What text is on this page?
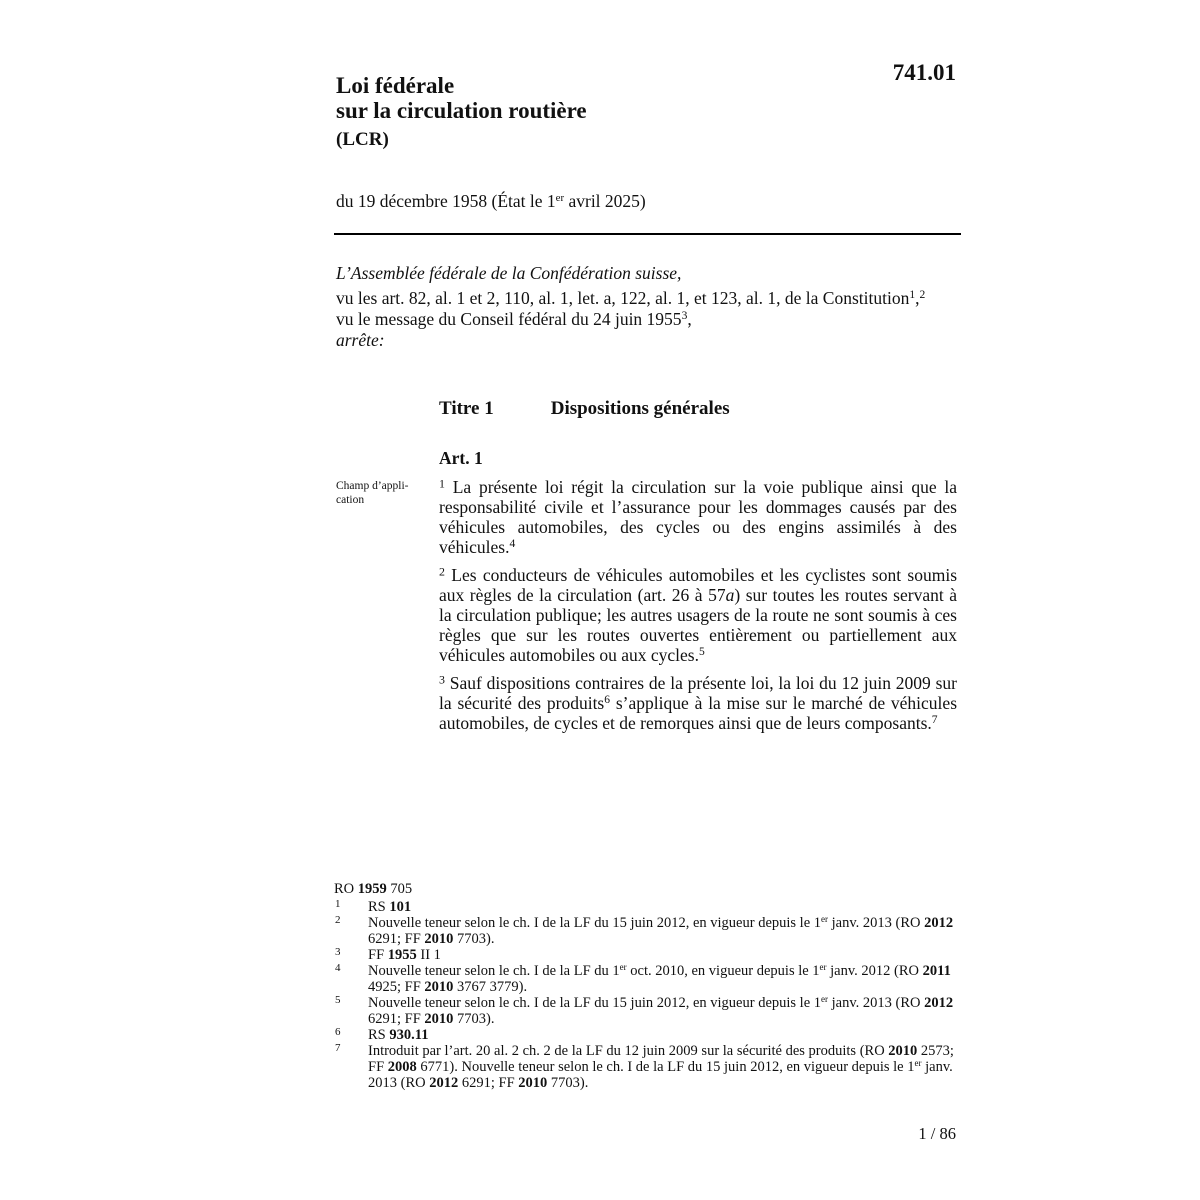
741.01
Loi fédérale
sur la circulation routière
(LCR)
du 19 décembre 1958 (État le 1er avril 2025)
L’Assemblée fédérale de la Confédération suisse,
vu les art. 82, al. 1 et 2, 110, al. 1, let. a, 122, al. 1, et 123, al. 1, de la Constitution$^1$,$^2$
vu le message du Conseil fédéral du 24 juin 1955$^3$,
arrête:
Titre 1	Dispositions générales
Art. 1
Champ d’appli-
cation

$^1$ La présente loi régit la circulation sur la voie publique ainsi que la responsabilité civile et l’assurance pour les dommages causés par des véhicules automobiles, des cycles ou des engins assimilés à des véhicules.$^4$

$^2$ Les conducteurs de véhicules automobiles et les cyclistes sont soumis aux règles de la circulation (art. 26 à 57a) sur toutes les routes servant à la circulation publique; les autres usagers de la route ne sont soumis à ces règles que sur les routes ouvertes entièrement ou partiellement aux véhicules automobiles ou aux cycles.$^5$

$^3$ Sauf dispositions contraires de la présente loi, la loi du 12 juin 2009 sur la sécurité des produits$^6$ s’applique à la mise sur le marché de véhicules automobiles, de cycles et de remorques ainsi que de leurs composants.$^7$

RO 1959 705
1 RS 101
2 Nouvelle teneur selon le ch. I de la LF du 15 juin 2012, en vigueur depuis le 1er janv. 2013 (RO 2012 6291; FF 2010 7703).
3 FF 1955 II 1
4 Nouvelle teneur selon le ch. I de la LF du 1er oct. 2010, en vigueur depuis le 1er janv. 2012 (RO 2011 4925; FF 2010 3767 3779).
5 Nouvelle teneur selon le ch. I de la LF du 15 juin 2012, en vigueur depuis le 1er janv. 2013 (RO 2012 6291; FF 2010 7703).
6 RS 930.11
7 Introduit par l’art. 20 al. 2 ch. 2 de la LF du 12 juin 2009 sur la sécurité des produits (RO 2010 2573; FF 2008 6771). Nouvelle teneur selon le ch. I de la LF du 15 juin 2012, en vigueur depuis le 1er janv. 2013 (RO 2012 6291; FF 2010 7703).
1 / 86
